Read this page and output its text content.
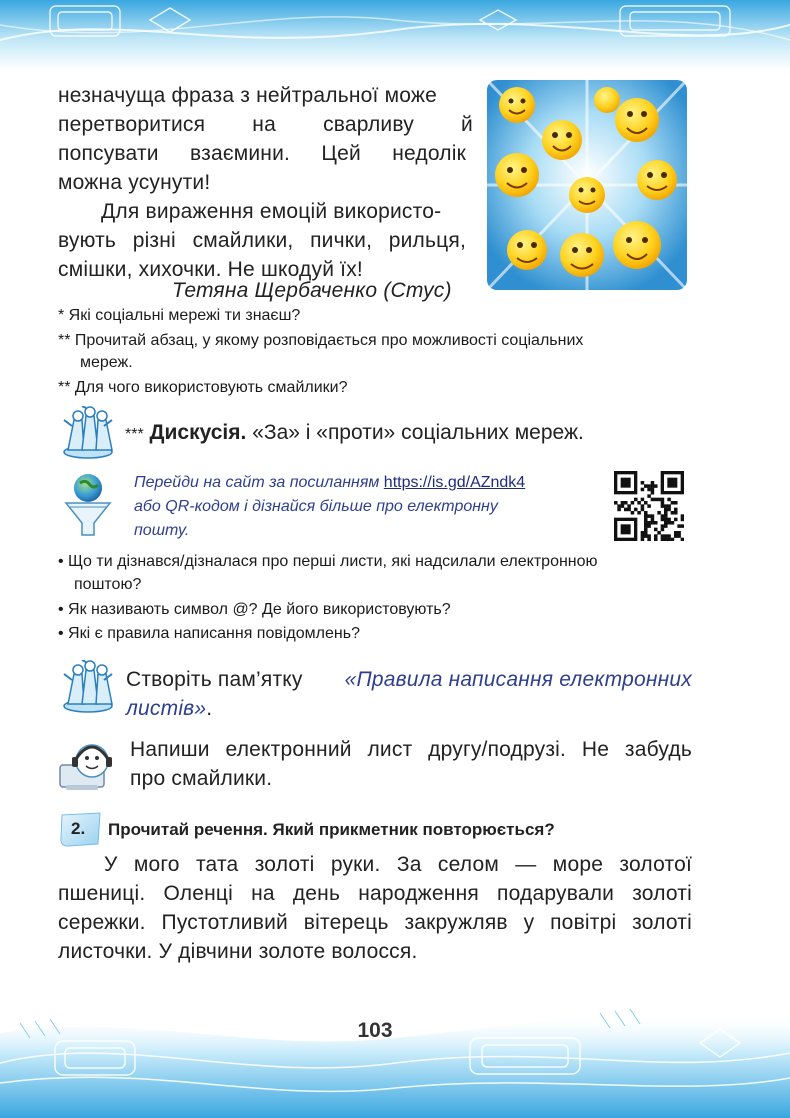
незначуща фраза з нейтральної може
перетворитися на сварливу й
попсувати взаємини. Цей недолік
можна усунути!
Для вираження емоцій використо-
вують різні смайлики, пички, рильця,
смішки, хихочки. Не шкодуй їх!
Тетяна Щербаченко (Стус)
* Які соціальні мережі ти знаєш?
** Прочитай абзац, у якому розповідається про можливості соціальних
мереж.
** Для чого використовують смайлики?
*** Дискусія. «За» і «проти» соціальних мереж.
Перейди на сайт за посиланням https://is.gd/AZndk4
або QR-кодом і дізнайся більше про електронну
пошту.
• Що ти дізнався/дізналася про перші листи, які надсилали електронною
поштою?
• Як називають символ @? Де його використовують?
• Які є правила написання повідомлень?
Створіть пам’ятку «Правила написання електронних
листів».
Напиши електронний лист другу/подрузі. Не забудь
про смайлики.
2. Прочитай речення. Який прикметник повторюється?
У мого тата золоті руки. За селом — море золотої
пшениці. Оленці на день народження подарували золоті
сережки. Пустотливий вітерець закружляв у повітрі золоті
листочки. У дівчини золоте волосся.
103
